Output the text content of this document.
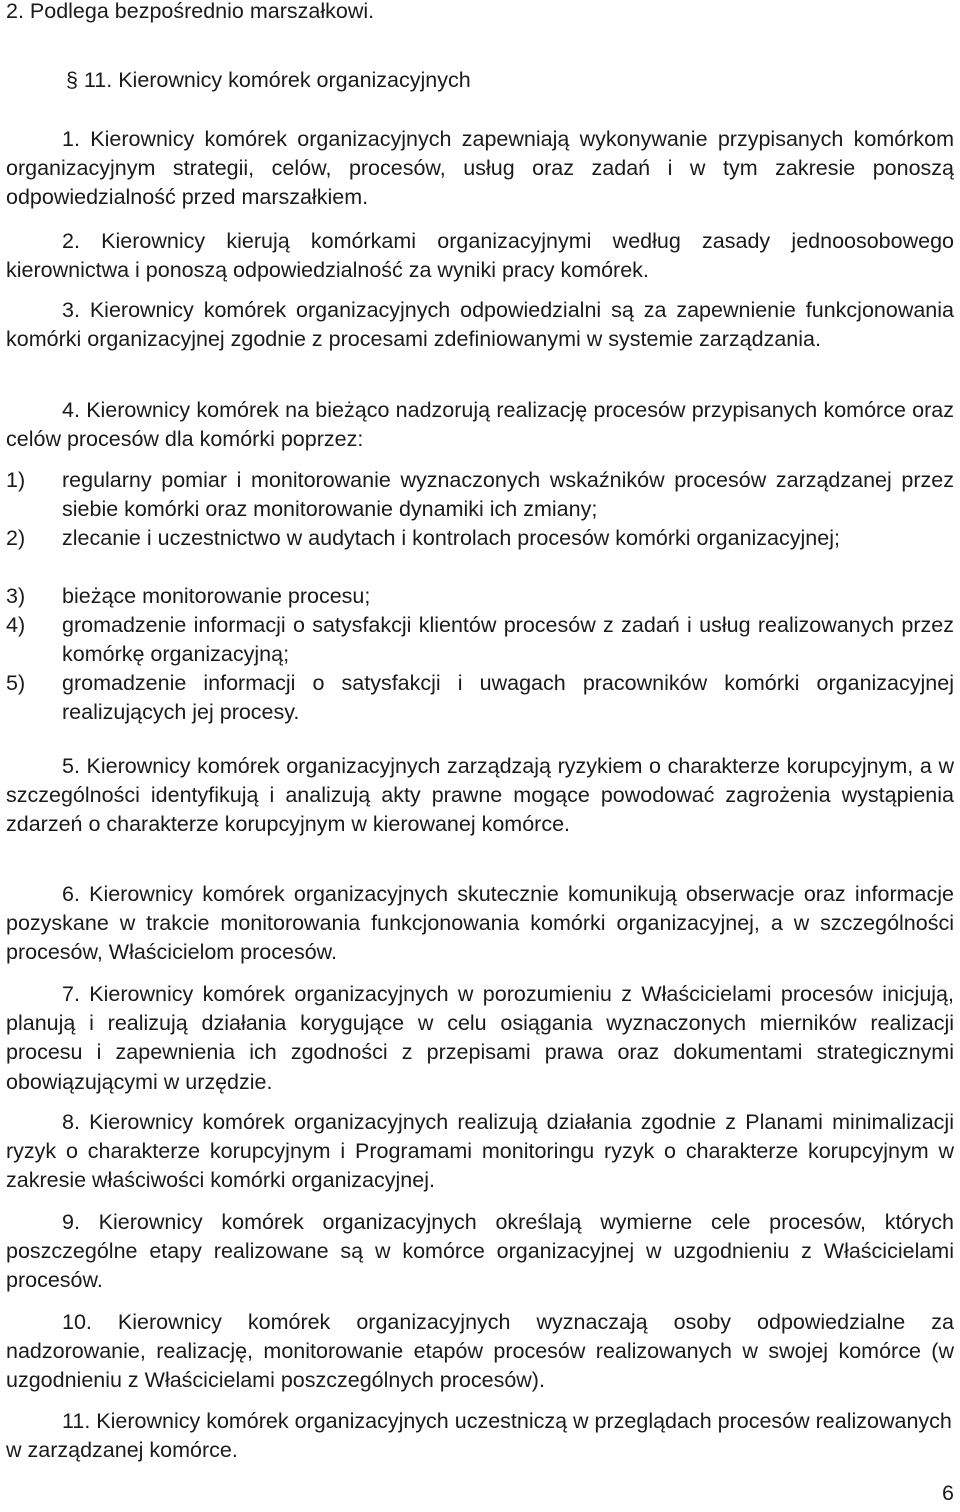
2. Podlega bezpośrednio marszałkowi.

§ 11. Kierownicy komórek organizacyjnych

1. Kierownicy komórek organizacyjnych zapewniają wykonywanie przypisanych komórkom organizacyjnym strategii, celów, procesów, usług oraz zadań i w tym zakresie ponoszą odpowiedzialność przed marszałkiem.

2. Kierownicy kierują komórkami organizacyjnymi według zasady jednoosobowego kierownictwa i ponoszą odpowiedzialność za wyniki pracy komórek.

3. Kierownicy komórek organizacyjnych odpowiedzialni są za zapewnienie funkcjonowania komórki organizacyjnej zgodnie z procesami zdefiniowanymi w systemie zarządzania.

4. Kierownicy komórek na bieżąco nadzorują realizację procesów przypisanych komórce oraz celów procesów dla komórki poprzez:

1) regularny pomiar i monitorowanie wyznaczonych wskaźników procesów zarządzanej przez siebie komórki oraz monitorowanie dynamiki ich zmiany;

2) zlecanie i uczestnictwo w audytach i kontrolach procesów komórki organizacyjnej;

3) bieżące monitorowanie procesu;

4) gromadzenie informacji o satysfakcji klientów procesów z zadań i usług realizowanych przez komórkę organizacyjną;

5) gromadzenie informacji o satysfakcji i uwagach pracowników komórki organizacyjnej realizujących jej procesy.

5. Kierownicy komórek organizacyjnych zarządzają ryzykiem o charakterze korupcyjnym, a w szczególności identyfikują i analizują akty prawne mogące powodować zagrożenia wystąpienia zdarzeń o charakterze korupcyjnym w kierowanej komórce.

6. Kierownicy komórek organizacyjnych skutecznie komunikują obserwacje oraz informacje pozyskane w trakcie monitorowania funkcjonowania komórki organizacyjnej, a w szczególności procesów, Właścicielom procesów.

7. Kierownicy komórek organizacyjnych w porozumieniu z Właścicielami procesów inicjują, planują i realizują działania korygujące w celu osiągania wyznaczonych mierników realizacji procesu i zapewnienia ich zgodności z przepisami prawa oraz dokumentami strategicznymi obowiązującymi w urzędzie.

8. Kierownicy komórek organizacyjnych realizują działania zgodnie z Planami minimalizacji ryzyk o charakterze korupcyjnym i Programami monitoringu ryzyk o charakterze korupcyjnym w zakresie właściwości komórki organizacyjnej.

9. Kierownicy komórek organizacyjnych określają wymierne cele procesów, których poszczególne etapy realizowane są w komórce organizacyjnej w uzgodnieniu z Właścicielami procesów.

10. Kierownicy komórek organizacyjnych wyznaczają osoby odpowiedzialne za nadzorowanie, realizację, monitorowanie etapów procesów realizowanych w swojej komórce (w uzgodnieniu z Właścicielami poszczególnych procesów).

11. Kierownicy komórek organizacyjnych uczestniczą w przeglądach procesów realizowanych w zarządzanej komórce.

6
